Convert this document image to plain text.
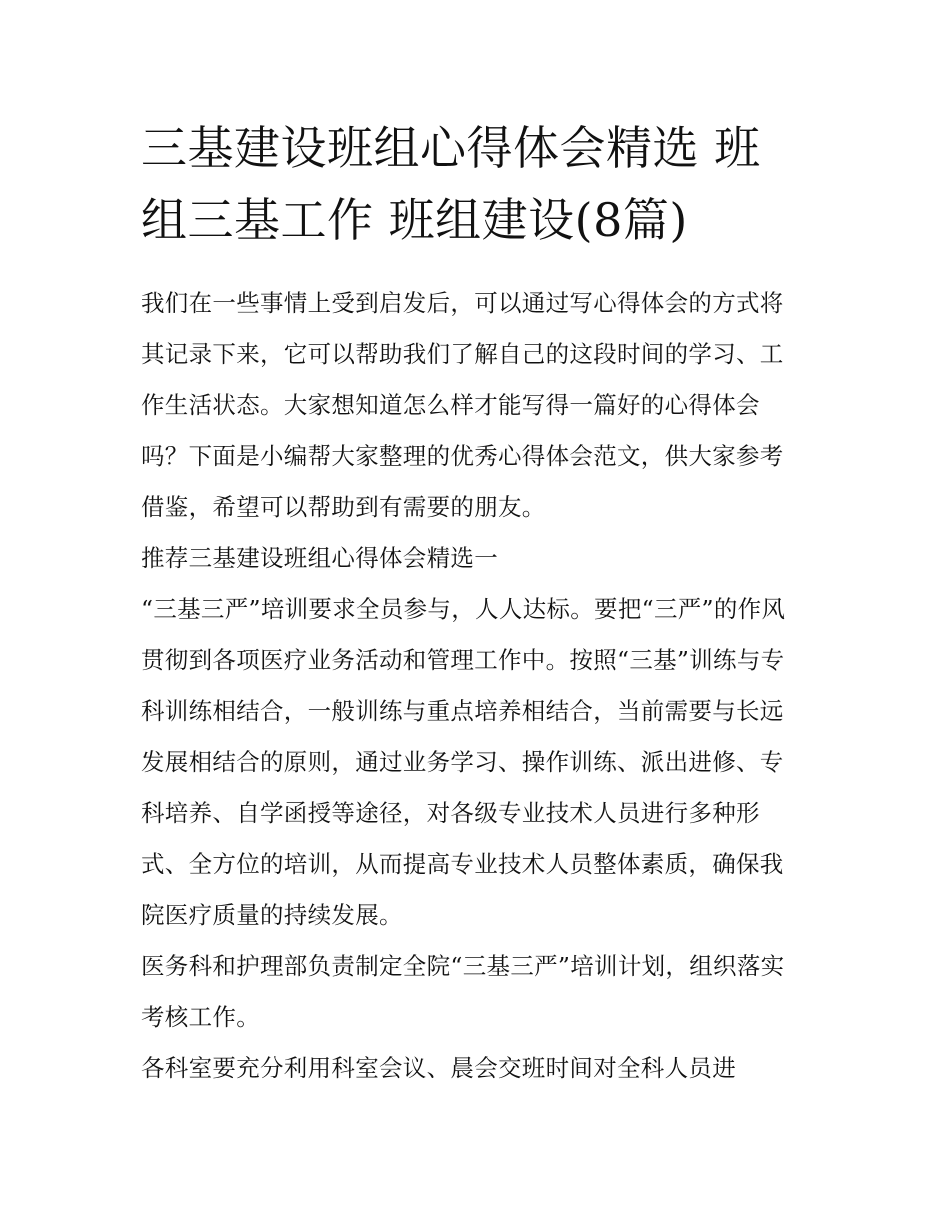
三基建设班组心得体会精选 班
组三基工作 班组建设(8篇)

我们在一些事情上受到启发后，可以通过写心得体会的方式将
其记录下来，它可以帮助我们了解自己的这段时间的学习、工
作生活状态。大家想知道怎么样才能写得一篇好的心得体会
吗？下面是小编帮大家整理的优秀心得体会范文，供大家参考
借鉴，希望可以帮助到有需要的朋友。

推荐三基建设班组心得体会精选一

“三基三严”培训要求全员参与，人人达标。要把“三严”的作风
贯彻到各项医疗业务活动和管理工作中。按照“三基”训练与专
科训练相结合，一般训练与重点培养相结合，当前需要与长远
发展相结合的原则，通过业务学习、操作训练、派出进修、专
科培养、自学函授等途径，对各级专业技术人员进行多种形
式、全方位的培训，从而提高专业技术人员整体素质，确保我
院医疗质量的持续发展。

医务科和护理部负责制定全院“三基三严”培训计划，组织落实
考核工作。

各科室要充分利用科室会议、晨会交班时间对全科人员进
